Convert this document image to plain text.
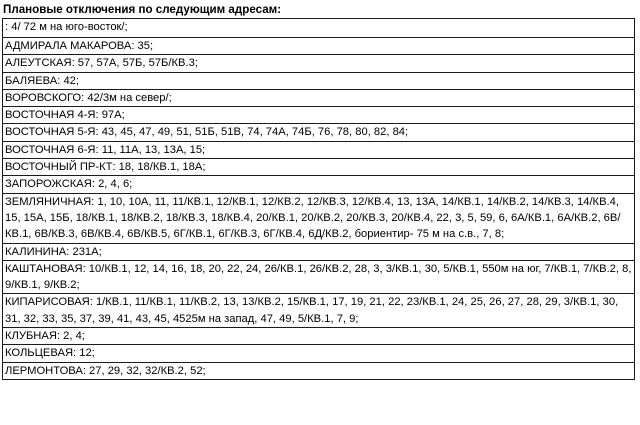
Плановые отключения по следующим адресам:
: 4/ 72 м на юго-восток/;
АДМИРАЛА МАКАРОВА: 35;
АЛЕУТСКАЯ: 57, 57А, 57Б, 57Б/КВ.3;
БАЛЯЕВА: 42;
ВОРОВСКОГО: 42/3м на север/;
ВОСТОЧНАЯ 4-Я: 97А;
ВОСТОЧНАЯ 5-Я: 43, 45, 47, 49, 51, 51Б, 51В, 74, 74А, 74Б, 76, 78, 80, 82, 84;
ВОСТОЧНАЯ 6-Я: 11, 11А, 13, 13А, 15;
ВОСТОЧНЫЙ ПР-КТ: 18, 18/КВ.1, 18А;
ЗАПОРОЖСКАЯ: 2, 4, 6;
ЗЕМЛЯНИЧНАЯ: 1, 10, 10А, 11, 11/КВ.1, 12/КВ.1, 12/КВ.2, 12/КВ.3, 12/КВ.4, 13, 13А, 14/КВ.1, 14/КВ.2, 14/КВ.3, 14/КВ.4, 15, 15А, 15Б, 18/КВ.1, 18/КВ.2, 18/КВ.3, 18/КВ.4, 20/КВ.1, 20/КВ.2, 20/КВ.3, 20/КВ.4, 22, 3, 5, 59, 6, 6А/КВ.1, 6А/КВ.2, 6В/КВ.1, 6В/КВ.3, 6В/КВ.4, 6В/КВ.5, 6Г/КВ.1, 6Г/КВ.3, 6Г/КВ.4, 6Д/КВ.2, бориентир- 75 м на с.в., 7, 8;
КАЛИНИНА: 231А;
КАШТАНОВАЯ: 10/КВ.1, 12, 14, 16, 18, 20, 22, 24, 26/КВ.1, 26/КВ.2, 28, 3, 3/КВ.1, 30, 5/КВ.1, 550м на юг, 7/КВ.1, 7/КВ.2, 8, 9/КВ.1, 9/КВ.2;
КИПАРИСОВАЯ: 1/КВ.1, 11/КВ.1, 11/КВ.2, 13, 13/КВ.2, 15/КВ.1, 17, 19, 21, 22, 23/КВ.1, 24, 25, 26, 27, 28, 29, 3/КВ.1, 30, 31, 32, 33, 35, 37, 39, 41, 43, 45, 4525м на запад, 47, 49, 5/КВ.1, 7, 9;
КЛУБНАЯ: 2, 4;
КОЛЬЦЕВАЯ: 12;
ЛЕРМОНТОВА: 27, 29, 32, 32/КВ.2, 52;
